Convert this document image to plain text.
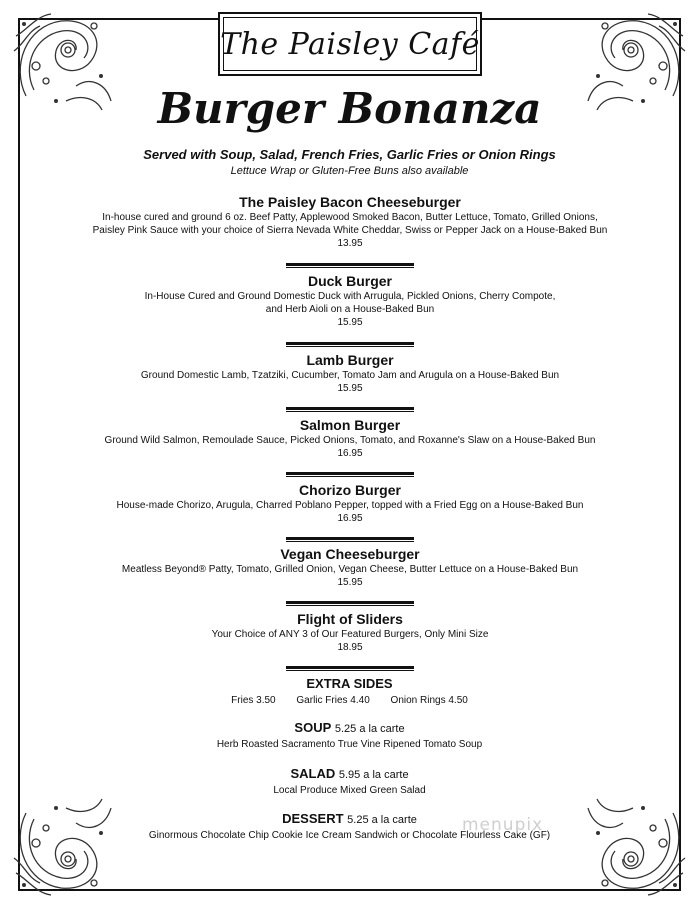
The Paisley Café
Burger Bonanza
Served with Soup, Salad, French Fries, Garlic Fries or Onion Rings
Lettuce Wrap or Gluten-Free Buns also available
The Paisley Bacon Cheeseburger
In-house cured and ground 6 oz. Beef Patty, Applewood Smoked Bacon, Butter Lettuce, Tomato, Grilled Onions,
Paisley Pink Sauce with your choice of Sierra Nevada White Cheddar, Swiss or Pepper Jack on a House-Baked Bun
13.95
Duck Burger
In-House Cured and Ground Domestic Duck with Arrugula, Pickled Onions, Cherry Compote,
and Herb Aioli on a House-Baked Bun
15.95
Lamb Burger
Ground Domestic Lamb, Tzatziki, Cucumber, Tomato Jam and Arugula on a House-Baked Bun
15.95
Salmon Burger
Ground Wild Salmon, Remoulade Sauce, Picked Onions, Tomato, and Roxanne's Slaw on a House-Baked Bun
16.95
Chorizo Burger
House-made Chorizo, Arugula, Charred Poblano Pepper, topped with a Fried Egg on a House-Baked Bun
16.95
Vegan Cheeseburger
Meatless Beyond® Patty, Tomato, Grilled Onion, Vegan Cheese, Butter Lettuce on a House-Baked Bun
15.95
Flight of Sliders
Your Choice of ANY 3 of Our Featured Burgers, Only Mini Size
18.95
EXTRA SIDES
Fries 3.50 Garlic Fries 4.40 Onion Rings 4.50
SOUP 5.25 a la carte
Herb Roasted Sacramento True Vine Ripened Tomato Soup
SALAD 5.95 a la carte
Local Produce Mixed Green Salad
DESSERT 5.25 a la carte
Ginormous Chocolate Chip Cookie Ice Cream Sandwich or Chocolate Flourless Cake (GF)
menupix
